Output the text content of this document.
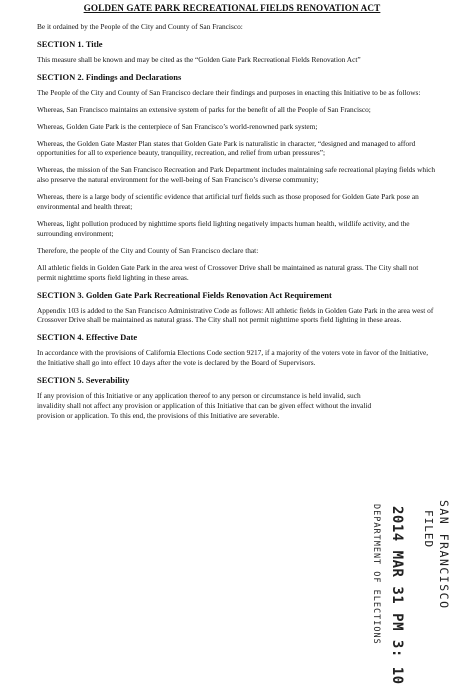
GOLDEN GATE PARK RECREATIONAL FIELDS RENOVATION ACT

Be it ordained by the People of the City and County of San Francisco:

SECTION 1. Title

This measure shall be known and may be cited as the “Golden Gate Park Recreational Fields Renovation Act”

SECTION 2. Findings and Declarations

The People of the City and County of San Francisco declare their findings and purposes in enacting this Initiative to be as follows:

Whereas, San Francisco maintains an extensive system of parks for the benefit of all the People of San Francisco;

Whereas, Golden Gate Park is the centerpiece of San Francisco’s world-renowned park system;

Whereas, the Golden Gate Master Plan states that Golden Gate Park is naturalistic in character, “designed and managed to afford opportunities for all to experience beauty, tranquility, recreation, and relief from urban pressures”;

Whereas, the mission of the San Francisco Recreation and Park Department includes maintaining safe recreational playing fields which also preserve the natural environment for the well-being of San Francisco’s diverse community;

Whereas, there is a large body of scientific evidence that artificial turf fields such as those proposed for Golden Gate Park pose an environmental and health threat;

Whereas, light pollution produced by nighttime sports field lighting negatively impacts human health, wildlife activity, and the surrounding environment;

Therefore, the people of the City and County of San Francisco declare that:

All athletic fields in Golden Gate Park in the area west of Crossover Drive shall be maintained as natural grass. The City shall not permit nighttime sports field lighting in these areas.

SECTION 3. Golden Gate Park Recreational Fields Renovation Act Requirement

Appendix 103 is added to the San Francisco Administrative Code as follows: All athletic fields in Golden Gate Park in the area west of Crossover Drive shall be maintained as natural grass. The City shall not permit nighttime sports field lighting in these areas.

SECTION 4. Effective Date

In accordance with the provisions of California Elections Code section 9217, if a majority of the voters vote in favor of the Initiative, the Initiative shall go into effect 10 days after the vote is declared by the Board of Supervisors.

SECTION 5. Severability

If any provision of this Initiative or any application thereof to any person or circumstance is held invalid, such invalidity shall not affect any provision or application of this Initiative that can be given effect without the invalid provision or application. To this end, the provisions of this Initiative are severable.

SAN FRANCISCO
FILED
2014 MAR 31 PM 3: 10
DEPARTMENT OF ELECTIONS
